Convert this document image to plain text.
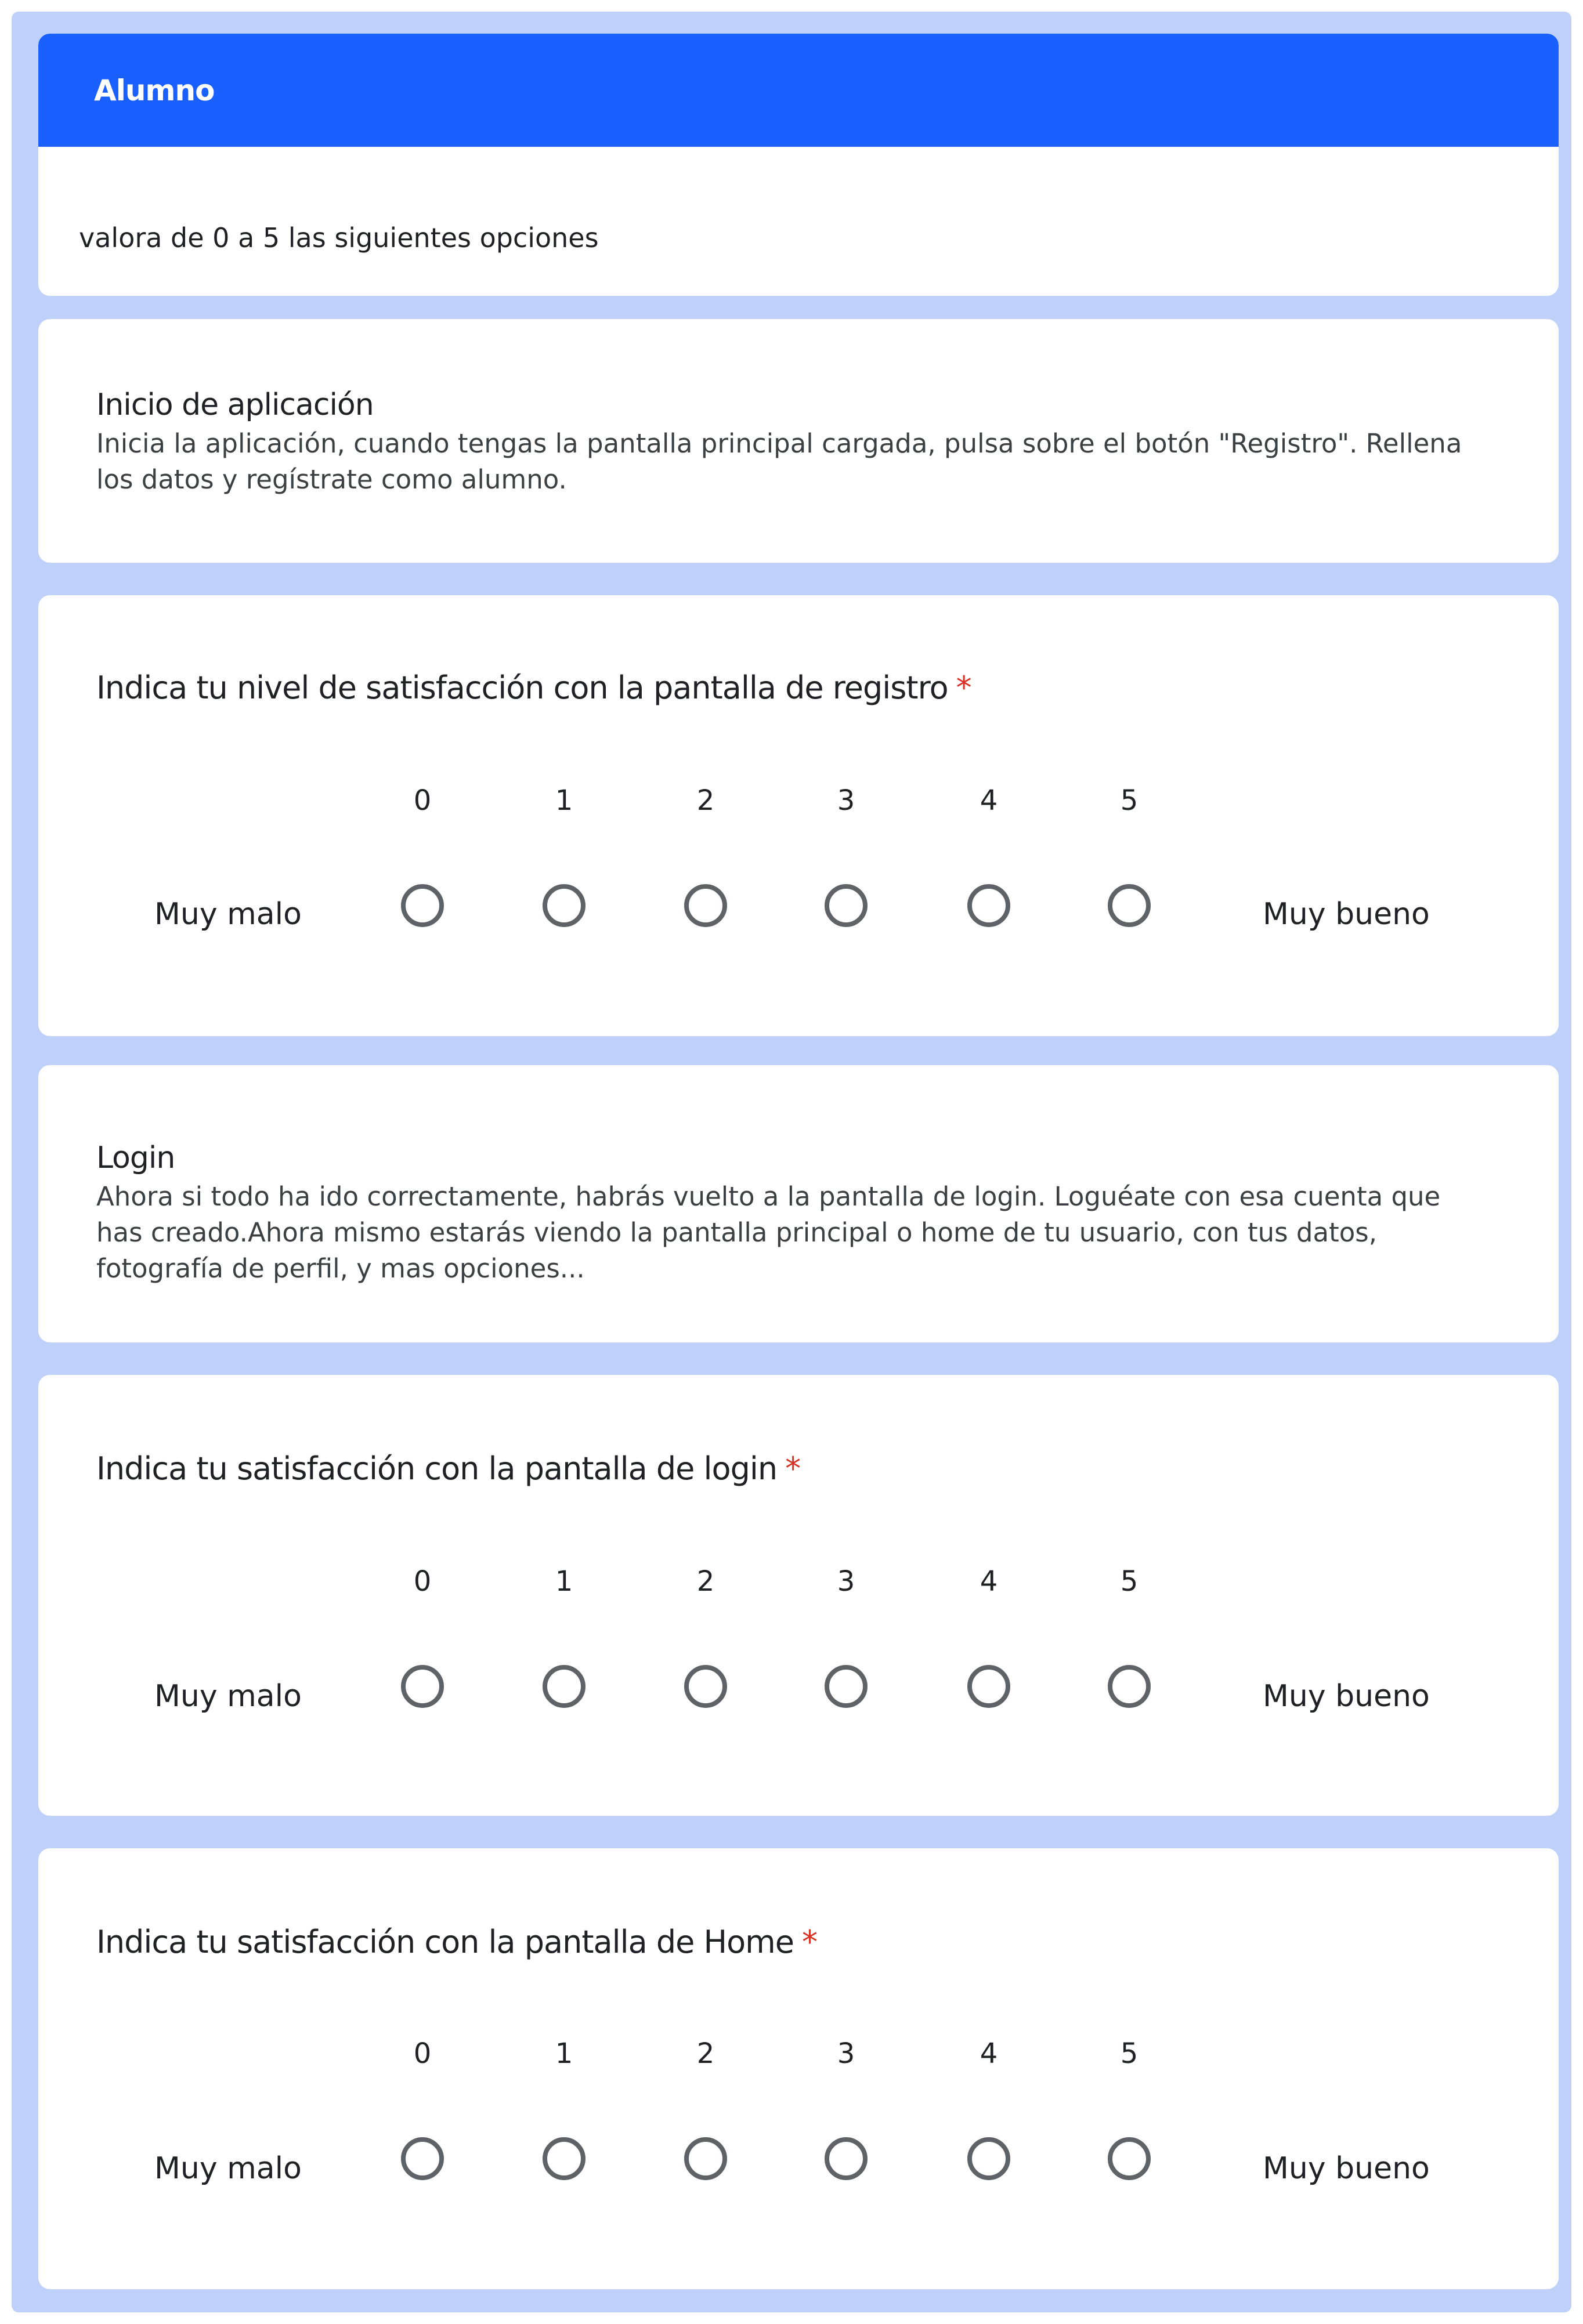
Alumno
valora de 0 a 5 las siguientes opciones
Inicio de aplicación
Inicia la aplicación, cuando tengas la pantalla principal cargada, pulsa sobre el botón "Registro". Rellena los datos y regístrate como alumno.
Indica tu nivel de satisfacción con la pantalla de registro *
0	1	2	3	4	5
Muy malo	Muy bueno
Login
Ahora si todo ha ido correctamente, habrás vuelto a la pantalla de login. Loguéate con esa cuenta que has creado.Ahora mismo estarás viendo la pantalla principal o home de tu usuario, con tus datos, fotografía de perfil, y mas opciones...
Indica tu satisfacción con la pantalla de login *
0	1	2	3	4	5
Muy malo	Muy bueno
Indica tu satisfacción con la pantalla de Home *
0	1	2	3	4	5
Muy malo	Muy bueno
